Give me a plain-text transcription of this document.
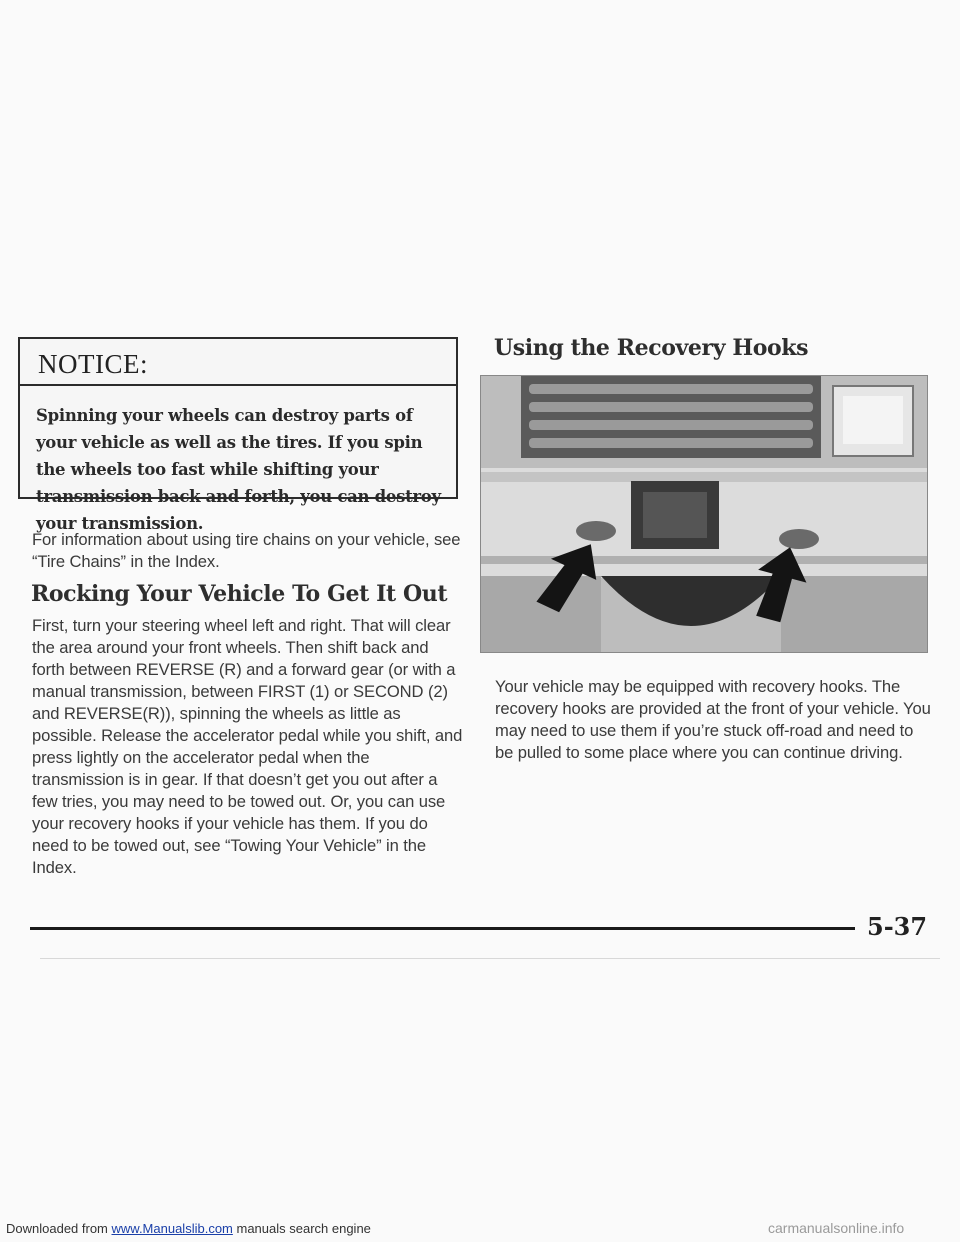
NOTICE:
Spinning your wheels can destroy parts of your vehicle as well as the tires. If you spin the wheels too fast while shifting your transmission back and forth, you can destroy your transmission.
For information about using tire chains on your vehicle, see “Tire Chains” in the Index.
Rocking Your Vehicle To Get It Out
First, turn your steering wheel left and right. That will clear the area around your front wheels. Then shift back and forth between REVERSE (R) and a forward gear (or with a manual transmission, between FIRST (1) or SECOND (2) and REVERSE(R)), spinning the wheels as little as possible. Release the accelerator pedal while you shift, and press lightly on the accelerator pedal when the transmission is in gear. If that doesn’t get you out after a few tries, you may need to be towed out. Or, you can use your recovery hooks if your vehicle has them. If you do need to be towed out, see “Towing Your Vehicle” in the Index.
Using the Recovery Hooks
Your vehicle may be equipped with recovery hooks. The recovery hooks are provided at the front of your vehicle. You may need to use them if you’re stuck off-road and need to be pulled to some place where you can continue driving.
5-37
Downloaded from www.Manualslib.com manuals search engine	carmanualsonline.info
